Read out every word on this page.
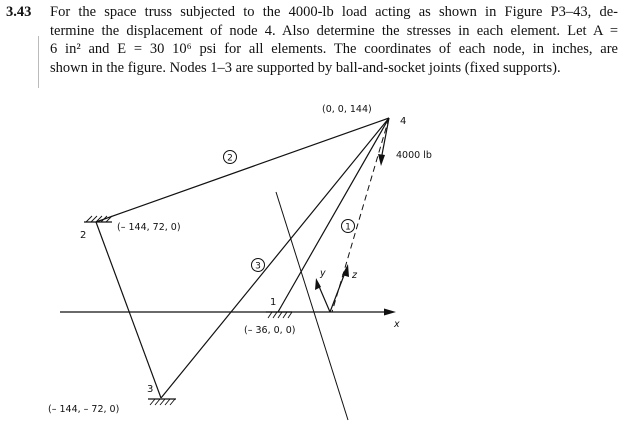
3.43 For the space truss subjected to the 4000-lb load acting as shown in Figure P3–43, de-
termine the displacement of node 4. Also determine the stresses in each element. Let A =
6 in² and E = 30 10⁶ psi for all elements. The coordinates of each node, in inches, are
shown in the figure. Nodes 1–3 are supported by ball-and-socket joints (fixed supports).
x
4000 lb
(0, 0, 144)
4
y	z
2
1
3
(– 144, 72, 0)
2
1
(– 36, 0, 0)
3
(– 144, – 72, 0)
